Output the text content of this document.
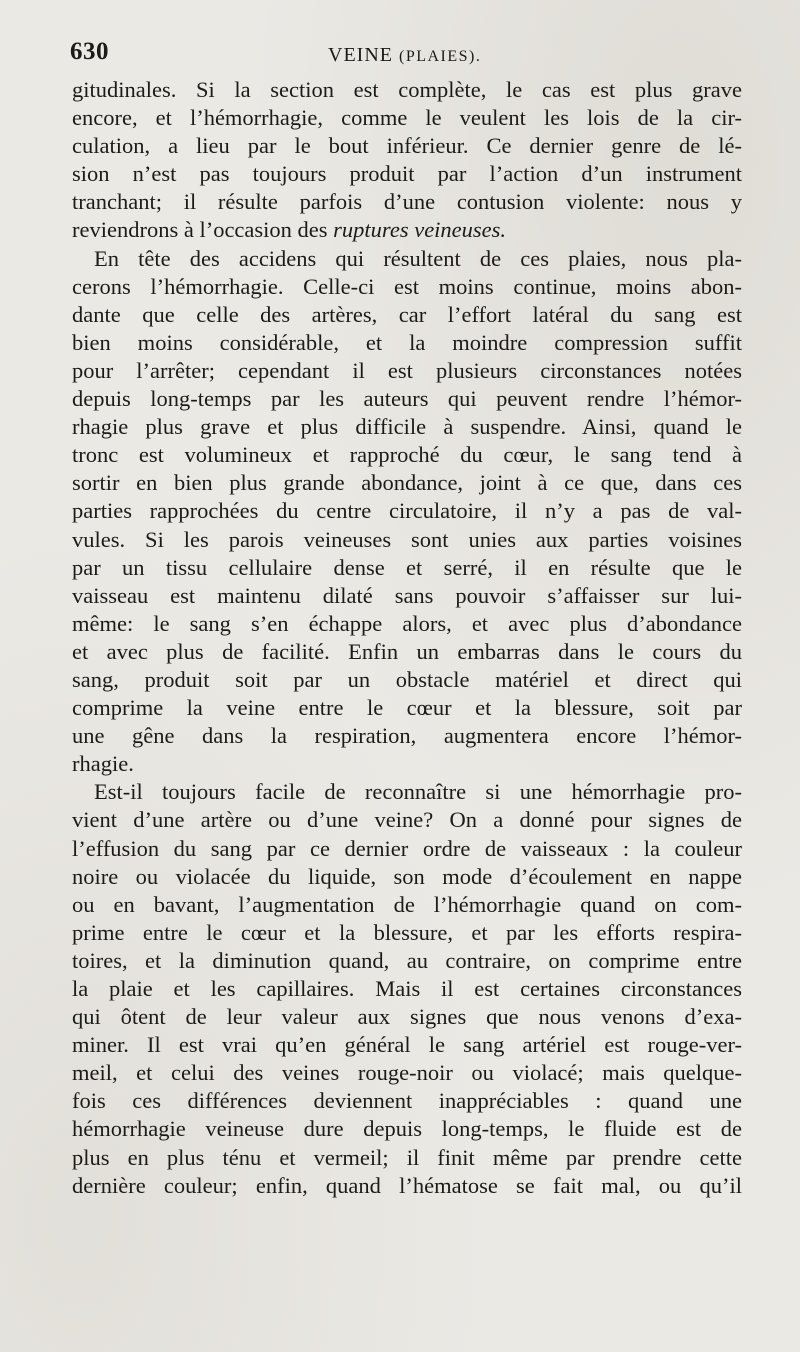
630	VEINE (PLAIES).
gitudinales. Si la section est complète, le cas est plus grave
encore, et l’hémorrhagie, comme le veulent les lois de la cir-
culation, a lieu par le bout inférieur. Ce dernier genre de lé-
sion n’est pas toujours produit par l’action d’un instrument
tranchant; il résulte parfois d’une contusion violente: nous y
reviendrons à l’occasion des ruptures veineuses.
En tête des accidens qui résultent de ces plaies, nous pla-
cerons l’hémorrhagie. Celle-ci est moins continue, moins abon-
dante que celle des artères, car l’effort latéral du sang est
bien moins considérable, et la moindre compression suffit
pour l’arrêter; cependant il est plusieurs circonstances notées
depuis long-temps par les auteurs qui peuvent rendre l’hémor-
rhagie plus grave et plus difficile à suspendre. Ainsi, quand le
tronc est volumineux et rapproché du cœur, le sang tend à
sortir en bien plus grande abondance, joint à ce que, dans ces
parties rapprochées du centre circulatoire, il n’y a pas de val-
vules. Si les parois veineuses sont unies aux parties voisines
par un tissu cellulaire dense et serré, il en résulte que le
vaisseau est maintenu dilaté sans pouvoir s’affaisser sur lui-
même: le sang s’en échappe alors, et avec plus d’abondance
et avec plus de facilité. Enfin un embarras dans le cours du
sang, produit soit par un obstacle matériel et direct qui
comprime la veine entre le cœur et la blessure, soit par
une gêne dans la respiration, augmentera encore l’hémor-
rhagie.
Est-il toujours facile de reconnaître si une hémorrhagie pro-
vient d’une artère ou d’une veine? On a donné pour signes de
l’effusion du sang par ce dernier ordre de vaisseaux : la couleur
noire ou violacée du liquide, son mode d’écoulement en nappe
ou en bavant, l’augmentation de l’hémorrhagie quand on com-
prime entre le cœur et la blessure, et par les efforts respira-
toires, et la diminution quand, au contraire, on comprime entre
la plaie et les capillaires. Mais il est certaines circonstances
qui ôtent de leur valeur aux signes que nous venons d’exa-
miner. Il est vrai qu’en général le sang artériel est rouge-ver-
meil, et celui des veines rouge-noir ou violacé; mais quelque-
fois ces différences deviennent inappréciables : quand une
hémorrhagie veineuse dure depuis long-temps, le fluide est de
plus en plus ténu et vermeil; il finit même par prendre cette
dernière couleur; enfin, quand l’hématose se fait mal, ou qu’il
